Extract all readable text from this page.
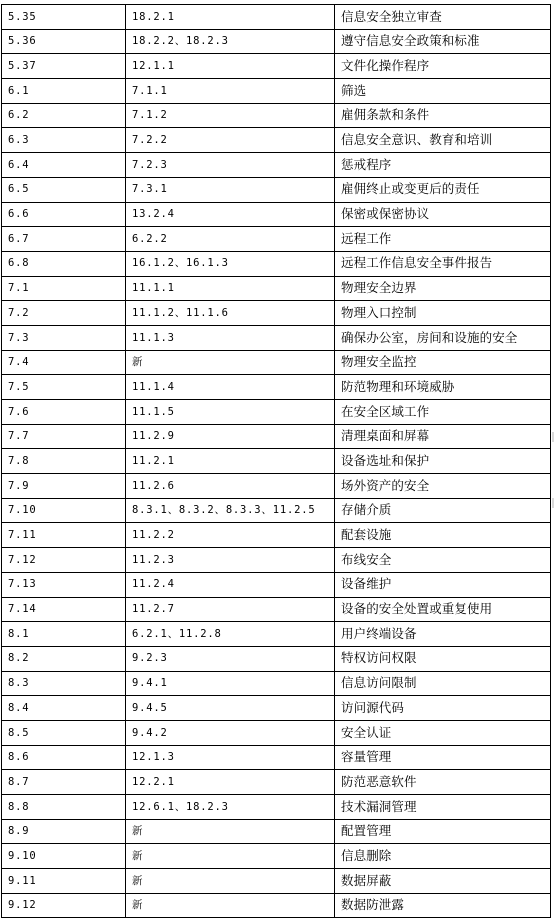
5.35	18.2.1	信息安全独立审查
5.36	18.2.2、18.2.3	遵守信息安全政策和标准
5.37	12.1.1	文件化操作程序
6.1	7.1.1	筛选
6.2	7.1.2	雇佣条款和条件
6.3	7.2.2	信息安全意识、教育和培训
6.4	7.2.3	惩戒程序
6.5	7.3.1	雇佣终止或变更后的责任
6.6	13.2.4	保密或保密协议
6.7	6.2.2	远程工作
6.8	16.1.2、16.1.3	远程工作信息安全事件报告
7.1	11.1.1	物理安全边界
7.2	11.1.2、11.1.6	物理入口控制
7.3	11.1.3	确保办公室，房间和设施的安全
7.4	新	物理安全监控
7.5	11.1.4	防范物理和环境威胁
7.6	11.1.5	在安全区域工作
7.7	11.2.9	清理桌面和屏幕
7.8	11.2.1	设备选址和保护
7.9	11.2.6	场外资产的安全
7.10	8.3.1、8.3.2、8.3.3、11.2.5	存储介质
7.11	11.2.2	配套设施
7.12	11.2.3	布线安全
7.13	11.2.4	设备维护
7.14	11.2.7	设备的安全处置或重复使用
8.1	6.2.1、11.2.8	用户终端设备
8.2	9.2.3	特权访问权限
8.3	9.4.1	信息访问限制
8.4	9.4.5	访问源代码
8.5	9.4.2	安全认证
8.6	12.1.3	容量管理
8.7	12.2.1	防范恶意软件
8.8	12.6.1、18.2.3	技术漏洞管理
8.9	新	配置管理
9.10	新	信息删除
9.11	新	数据屏蔽
9.12	新	数据防泄露
